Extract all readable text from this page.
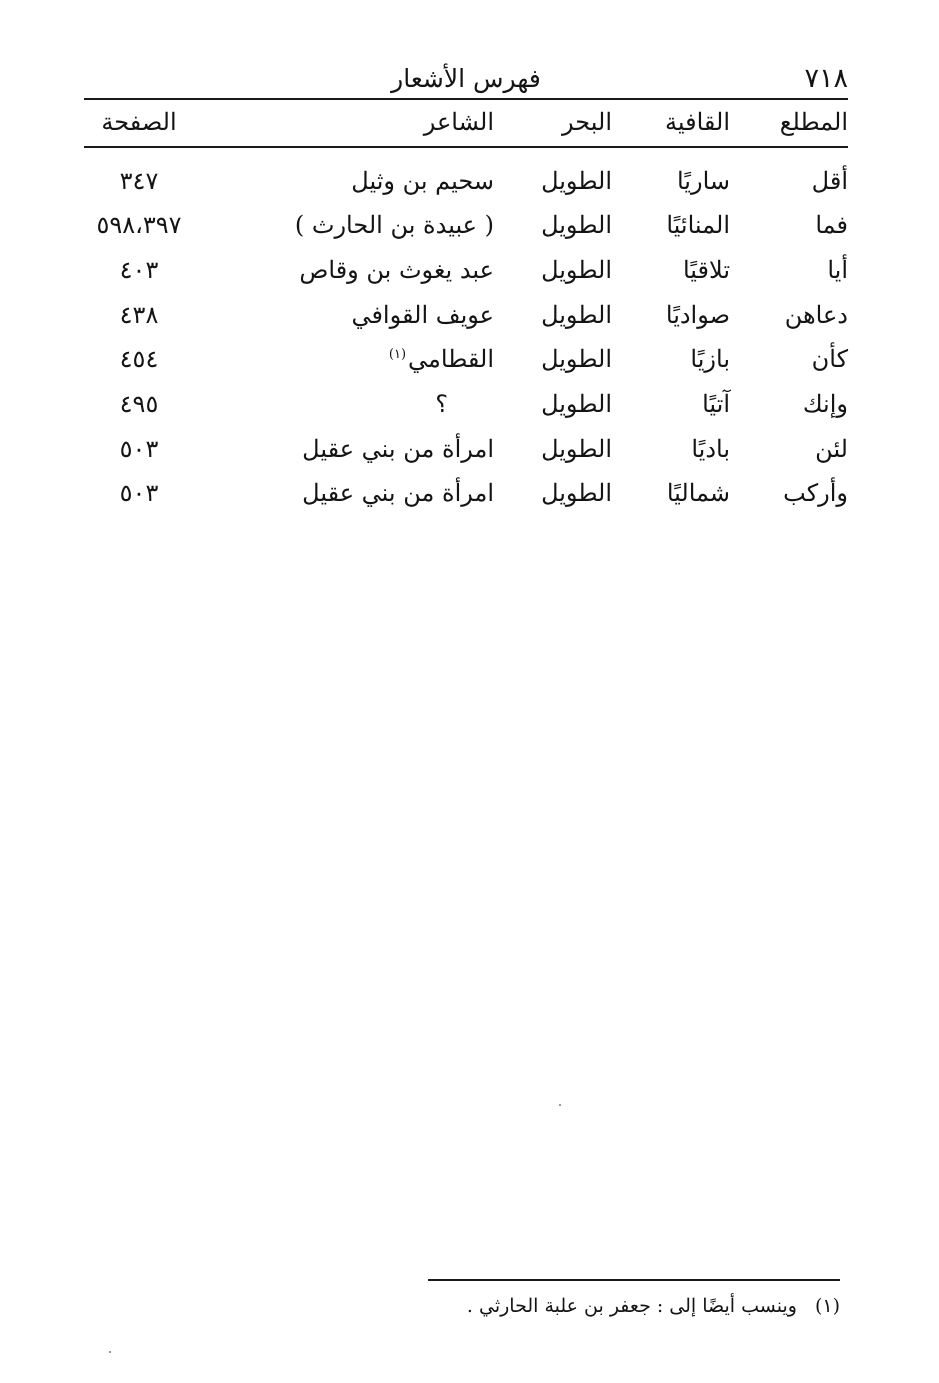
٧١٨
فهرس الأشعار
المطلع
القافية
البحر
الشاعر
الصفحة
أقل
ساريًا
الطويل
سحيم بن وثيل
٣٤٧
فما
المنائيًا
الطويل
( عبيدة بن الحارث )
٥٩٨،٣٩٧
أيا
تلاقيًا
الطويل
عبد يغوث بن وقاص
٤٠٣
دعاهن
صواديًا
الطويل
عويف القوافي
٤٣٨
كأن
بازيًا
الطويل
القطامي$^{(١)}$
٤٥٤
وإنك
آتيًا
الطويل
؟
٤٩٥
لئن
باديًا
الطويل
امرأة من بني عقيل
٥٠٣
وأركب
شماليًا
الطويل
امرأة من بني عقيل
٥٠٣
(١)وينسب أيضًا إلى : جعفر بن علبة الحارثي .
